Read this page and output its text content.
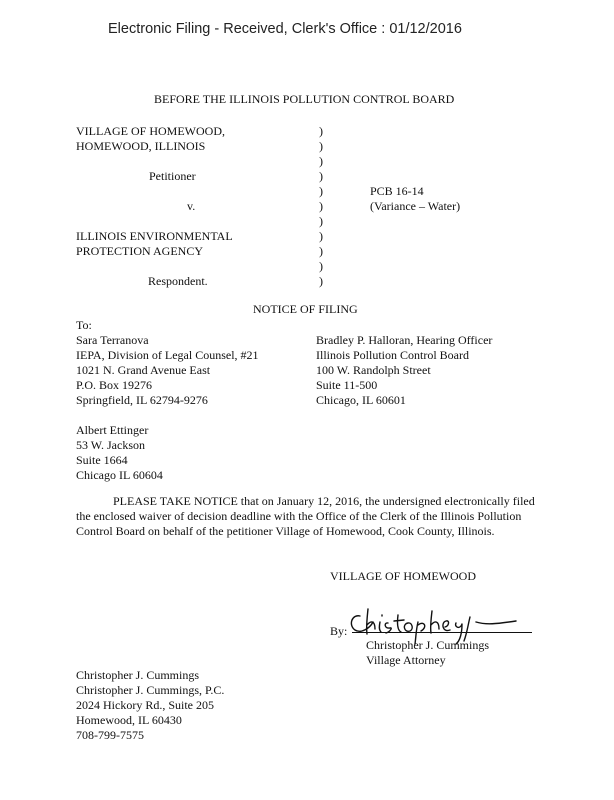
Electronic Filing - Received, Clerk's Office : 01/12/2016
BEFORE THE ILLINOIS POLLUTION CONTROL BOARD
VILLAGE OF HOMEWOOD,
HOMEWOOD, ILLINOIS
Petitioner
v.
ILLINOIS ENVIRONMENTAL
PROTECTION AGENCY
Respondent.
)
)
)
)
)
)
)
)
)
)
)
PCB 16-14
(Variance – Water)
NOTICE OF FILING
To:
Sara Terranova
IEPA, Division of Legal Counsel, #21
1021 N. Grand Avenue East
P.O. Box 19276
Springfield, IL 62794-9276
Bradley P. Halloran, Hearing Officer
Illinois Pollution Control Board
100 W. Randolph Street
Suite 11-500
Chicago, IL 60601
Albert Ettinger
53 W. Jackson
Suite 1664
Chicago IL 60604
PLEASE TAKE NOTICE that on January 12, 2016, the undersigned electronically filed the enclosed waiver of decision deadline with the Office of the Clerk of the Illinois Pollution Control Board on behalf of the petitioner Village of Homewood, Cook County, Illinois.
VILLAGE OF HOMEWOOD
By:
Christopher J. Cummings
Village Attorney
Christopher J. Cummings
Christopher J. Cummings, P.C.
2024 Hickory Rd., Suite 205
Homewood, IL 60430
708-799-7575
